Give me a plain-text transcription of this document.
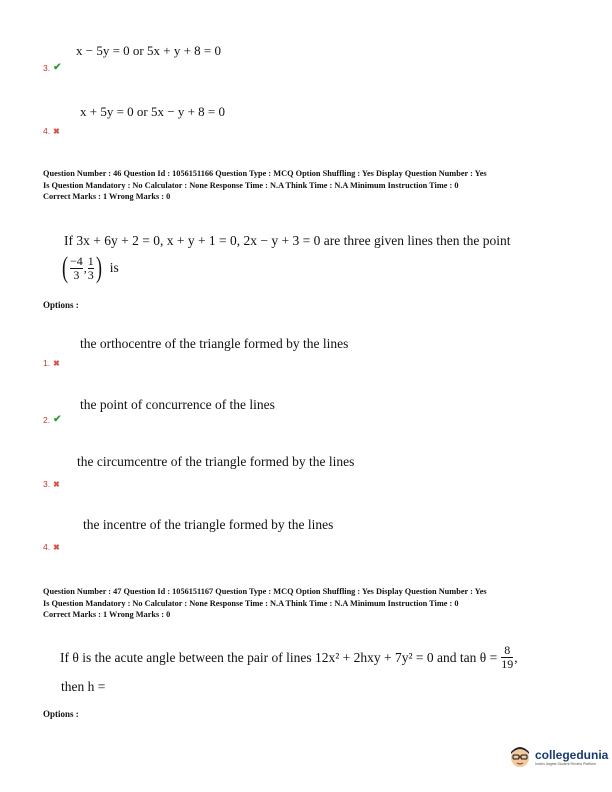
x − 5y = 0 or 5x + y + 8 = 0
3. ✔
x + 5y = 0 or 5x − y + 8 = 0
4. ✖
Question Number : 46 Question Id : 1056151166 Question Type : MCQ Option Shuffling : Yes Display Question Number : Yes
Is Question Mandatory : No Calculator : None Response Time : N.A Think Time : N.A Minimum Instruction Time : 0
Correct Marks : 1 Wrong Marks : 0
If 3x + 6y + 2 = 0, x + y + 1 = 0, 2x − y + 3 = 0 are three given lines then the point
( $\frac{-4}{3}$ , $\frac{1}{3}$ ) is
Options :
the orthocentre of the triangle formed by the lines
1. ✖
the point of concurrence of the lines
2. ✔
the circumcentre of the triangle formed by the lines
3. ✖
the incentre of the triangle formed by the lines
4. ✖
Question Number : 47 Question Id : 1056151167 Question Type : MCQ Option Shuffling : Yes Display Question Number : Yes
Is Question Mandatory : No Calculator : None Response Time : N.A Think Time : N.A Minimum Instruction Time : 0
Correct Marks : 1 Wrong Marks : 0
If θ is the acute angle between the pair of lines 12x² + 2hxy + 7y² = 0 and $\tan \theta = \frac{8}{19}$ ,
then h =
Options :
collegedunia
India's largest Student Review Platform
